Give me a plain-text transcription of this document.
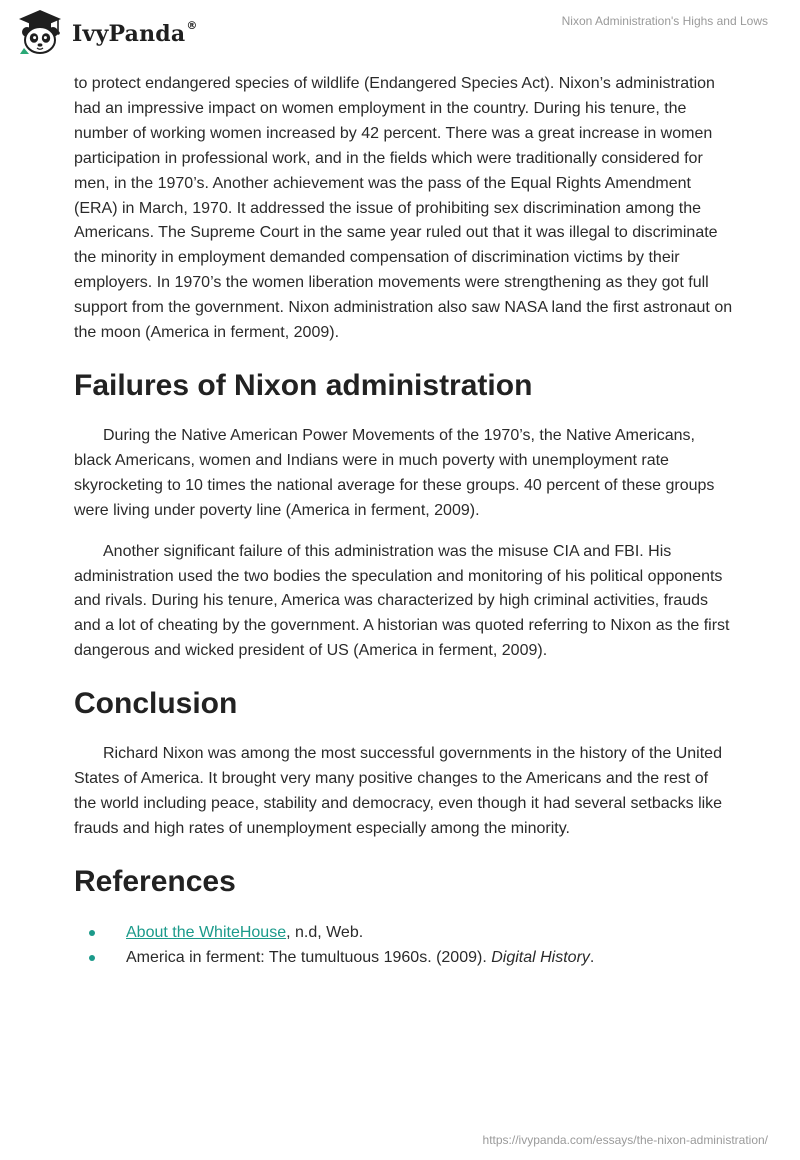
IvyPanda®	Nixon Administration's Highs and Lows

to protect endangered species of wildlife (Endangered Species Act). Nixon’s administration had an impressive impact on women employment in the country. During his tenure, the number of working women increased by 42 percent. There was a great increase in women participation in professional work, and in the fields which were traditionally considered for men, in the 1970’s. Another achievement was the pass of the Equal Rights Amendment (ERA) in March, 1970. It addressed the issue of prohibiting sex discrimination among the Americans. The Supreme Court in the same year ruled out that it was illegal to discriminate the minority in employment demanded compensation of discrimination victims by their employers. In 1970’s the women liberation movements were strengthening as they got full support from the government. Nixon administration also saw NASA land the first astronaut on the moon (America in ferment, 2009).

Failures of Nixon administration

During the Native American Power Movements of the 1970’s, the Native Americans, black Americans, women and Indians were in much poverty with unemployment rate skyrocketing to 10 times the national average for these groups. 40 percent of these groups were living under poverty line (America in ferment, 2009).

Another significant failure of this administration was the misuse CIA and FBI. His administration used the two bodies the speculation and monitoring of his political opponents and rivals. During his tenure, America was characterized by high criminal activities, frauds and a lot of cheating by the government. A historian was quoted referring to Nixon as the first dangerous and wicked president of US (America in ferment, 2009).

Conclusion

Richard Nixon was among the most successful governments in the history of the United States of America. It brought very many positive changes to the Americans and the rest of the world including peace, stability and democracy, even though it had several setbacks like frauds and high rates of unemployment especially among the minority.

References
About the WhiteHouse, n.d, Web.
America in ferment: The tumultuous 1960s. (2009). Digital History.
https://ivypanda.com/essays/the-nixon-administration/
